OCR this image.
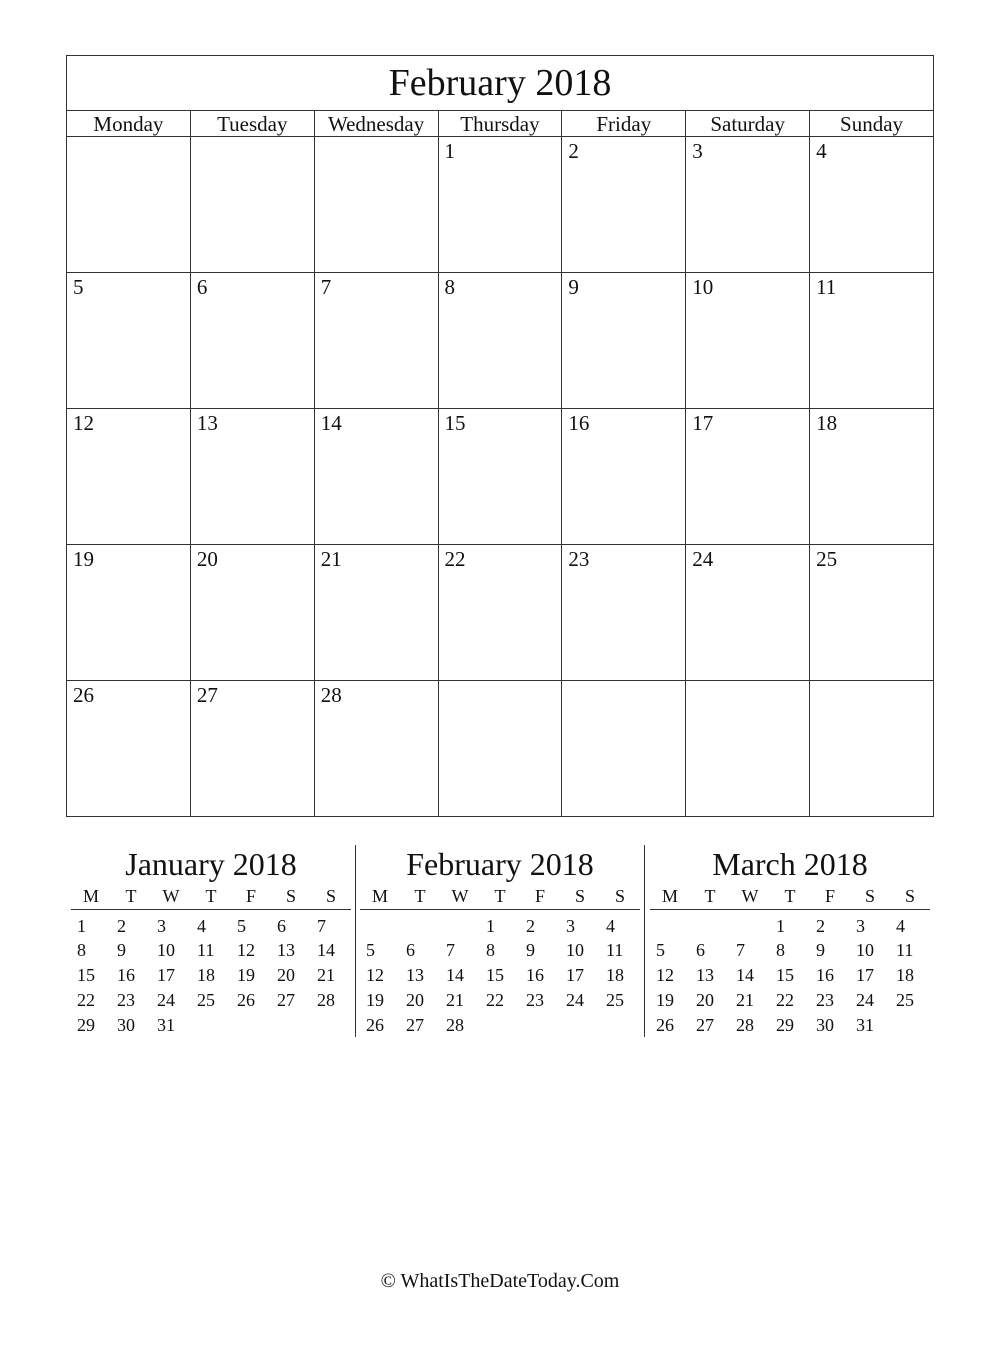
February 2018						
Monday	Tuesday	Wednesday	Thursday	Friday	Saturday	Sunday

			1	2	3	4

5	6	7	8	9	10	11

12	13	14	15	16	17	18

19	20	21	22	23	24	25

26	27	28				

January 2018
M	T	W	T	F	S	S
1	2	3	4	5	6	7
8	9	10	11	12	13	14
15	16	17	18	19	20	21
22	23	24	25	26	27	28
29	30	31				
February 2018
M	T	W	T	F	S	S
			1	2	3	4
5	6	7	8	9	10	11
12	13	14	15	16	17	18
19	20	21	22	23	24	25
26	27	28				
March 2018
M	T	W	T	F	S	S
			1	2	3	4
5	6	7	8	9	10	11
12	13	14	15	16	17	18
19	20	21	22	23	24	25
26	27	28	29	30	31	
© WhatIsTheDateToday.Com
